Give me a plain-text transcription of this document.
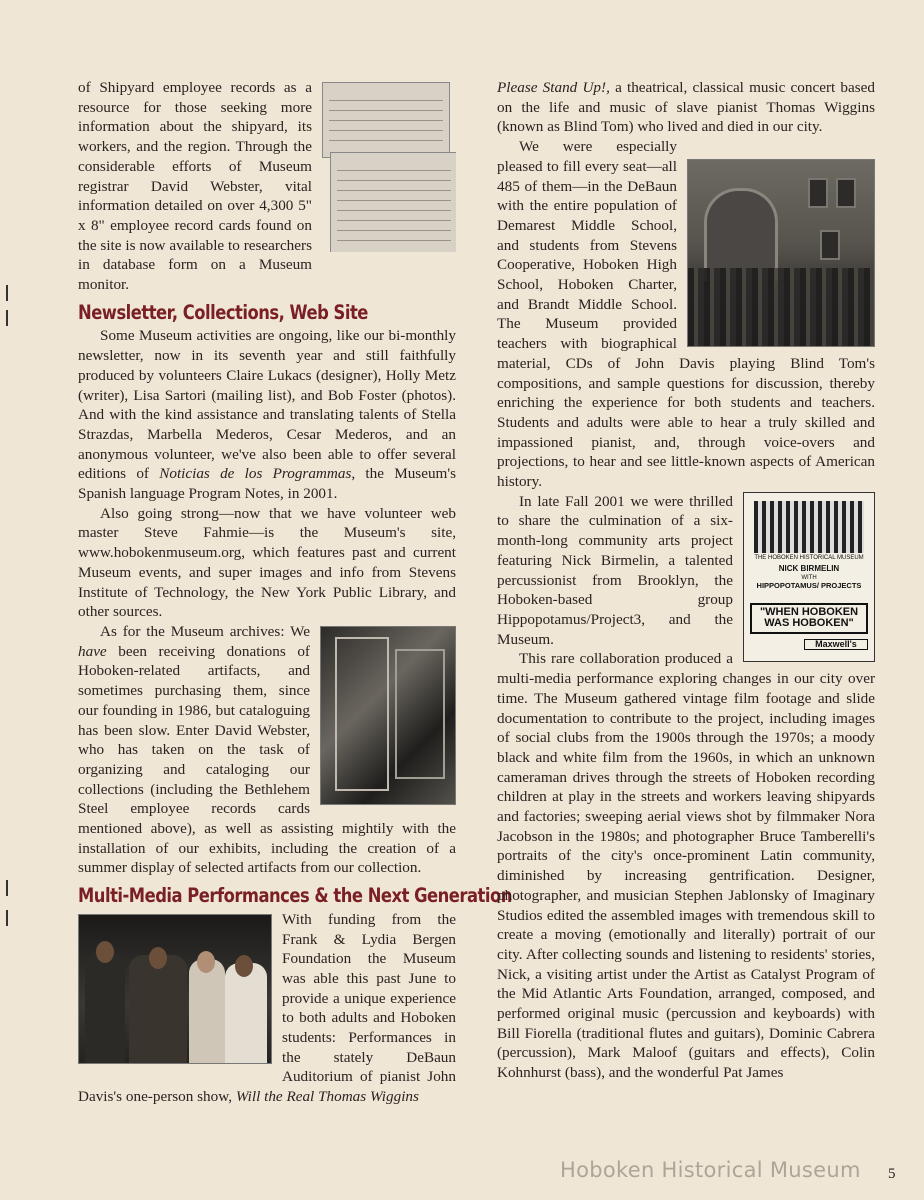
of Shipyard employee records as a resource for those seeking more information about the shipyard, its workers, and the region. Through the considerable efforts of Museum registrar David Webster, vital information detailed on over 4,300 5" x 8" employee record cards found on the site is now available to researchers in database form on a Museum monitor.

Newsletter, Collections, Web Site

Some Museum activities are ongoing, like our bi-monthly newsletter, now in its seventh year and still faithfully produced by volunteers Claire Lukacs (designer), Holly Metz (writer), Lisa Sartori (mailing list), and Bob Foster (photos). And with the kind assistance and translating talents of Stella Strazdas, Marbella Mederos, Cesar Mederos, and an anonymous volunteer, we've also been able to offer several editions of Noticias de los Programmas, the Museum's Spanish language Program Notes, in 2001.

Also going strong—now that we have volunteer web master Steve Fahmie—is the Museum's site, www.hobokenmuseum.org, which features past and current Museum events, and super images and info from Stevens Institute of Technology, the New York Public Library, and other sources.

As for the Museum archives: We have been receiving donations of Hoboken-related artifacts, and sometimes purchasing them, since our founding in 1986, but cataloguing has been slow. Enter David Webster, who has taken on the task of organizing and cataloging our collections (including the Bethlehem Steel employee records cards mentioned above), as well as assisting mightily with the installation of our exhibits, including the creation of a summer display of selected artifacts from our collection.

Multi-Media Performances & the Next Generation

With funding from the Frank & Lydia Bergen Foundation the Museum was able this past June to provide a unique experience to both adults and Hoboken students: Performances in the stately DeBaun Auditorium of pianist John Davis's one-person show, Will the Real Thomas Wiggins

Please Stand Up!, a theatrical, classical music concert based on the life and music of slave pianist Thomas Wiggins (known as Blind Tom) who lived and died in our city.

We were especially pleased to fill every seat—all 485 of them—in the DeBaun with the entire population of Demarest Middle School, and students from Stevens Cooperative, Hoboken High School, Hoboken Charter, and Brandt Middle School. The Museum provided teachers with biographical material, CDs of John Davis playing Blind Tom's compositions, and sample questions for discussion, thereby enriching the experience for both students and teachers. Students and adults were able to hear a truly skilled and impassioned pianist, and, through voice-overs and projections, to hear and see little-known aspects of American history.

THE HOBOKEN HISTORICAL MUSEUM
NICK BIRMELIN
WITH
HIPPOPOTAMUS/ PROJECTS
"WHEN HOBOKEN WAS HOBOKEN"
Maxwell's

In late Fall 2001 we were thrilled to share the culmination of a six-month-long community arts project featuring Nick Birmelin, a talented percussionist from Brooklyn, the Hoboken-based group Hippopotamus/Project3, and the Museum.

This rare collaboration produced a multi-media performance exploring changes in our city over time. The Museum gathered vintage film footage and slide documentation to contribute to the project, including images of social clubs from the 1900s through the 1970s; a moody black and white film from the 1960s, in which an unknown cameraman drives through the streets of Hoboken recording children at play in the streets and workers leaving shipyards and factories; sweeping aerial views shot by filmmaker Nora Jacobson in the 1980s; and photographer Bruce Tamberelli's portraits of the city's once-prominent Latin community, diminished by increasing gentrification. Designer, photographer, and musician Stephen Jablonsky of Imaginary Studios edited the assembled images with tremendous skill to create a moving (emotionally and literally) portrait of our city. After collecting sounds and listening to residents' stories, Nick, a visiting artist under the Artist as Catalyst Program of the Mid Atlantic Arts Foundation, arranged, composed, and performed original music (percussion and keyboards) with Bill Fiorella (traditional flutes and guitars), Dominic Cabrera (percussion), Mark Maloof (guitars and effects), Colin Kohnhurst (bass), and the wonderful Pat James

Hoboken Historical Museum 5
